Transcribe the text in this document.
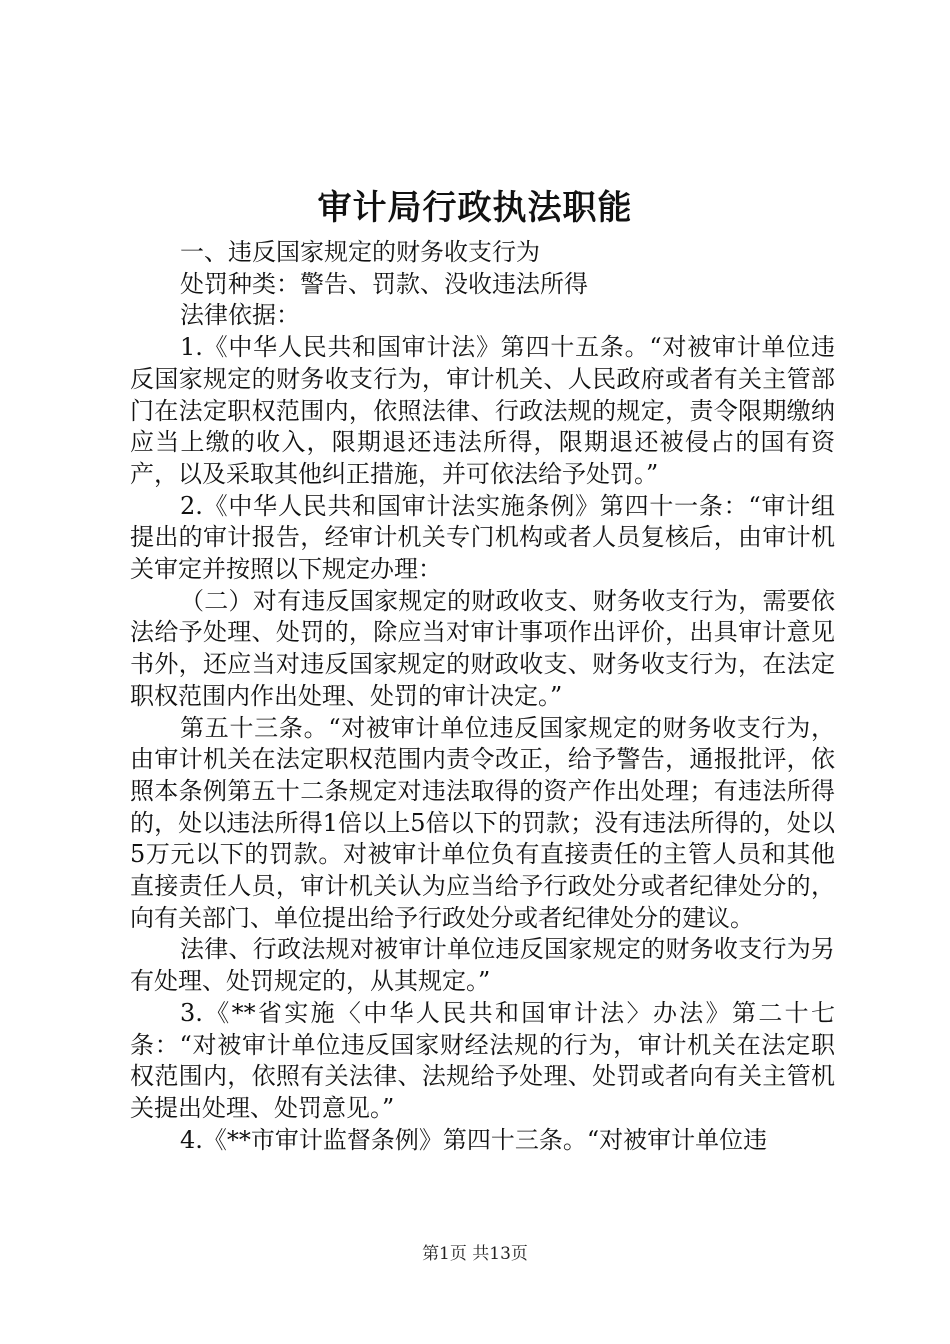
审计局行政执法职能

一、违反国家规定的财务收支行为

处罚种类：警告、罚款、没收违法所得

法律依据：

1.《中华人民共和国审计法》第四十五条。“对被审计单位违反国家规定的财务收支行为，审计机关、人民政府或者有关主管部门在法定职权范围内，依照法律、行政法规的规定，责令限期缴纳应当上缴的收入，限期退还违法所得，限期退还被侵占的国有资产，以及采取其他纠正措施，并可依法给予处罚。”

2.《中华人民共和国审计法实施条例》第四十一条：“审计组提出的审计报告，经审计机关专门机构或者人员复核后，由审计机关审定并按照以下规定办理：

（二）对有违反国家规定的财政收支、财务收支行为，需要依法给予处理、处罚的，除应当对审计事项作出评价，出具审计意见书外，还应当对违反国家规定的财政收支、财务收支行为，在法定职权范围内作出处理、处罚的审计决定。”

第五十三条。“对被审计单位违反国家规定的财务收支行为，由审计机关在法定职权范围内责令改正，给予警告，通报批评，依照本条例第五十二条规定对违法取得的资产作出处理；有违法所得的，处以违法所得1倍以上5倍以下的罚款；没有违法所得的，处以5万元以下的罚款。对被审计单位负有直接责任的主管人员和其他直接责任人员，审计机关认为应当给予行政处分或者纪律处分的，向有关部门、单位提出给予行政处分或者纪律处分的建议。

法律、行政法规对被审计单位违反国家规定的财务收支行为另有处理、处罚规定的，从其规定。”

3.《**省实施〈中华人民共和国审计法〉办法》第二十七条：“对被审计单位违反国家财经法规的行为，审计机关在法定职权范围内，依照有关法律、法规给予处理、处罚或者向有关主管机关提出处理、处罚意见。”

4.《**市审计监督条例》第四十三条。“对被审计单位违

第1页 共13页
